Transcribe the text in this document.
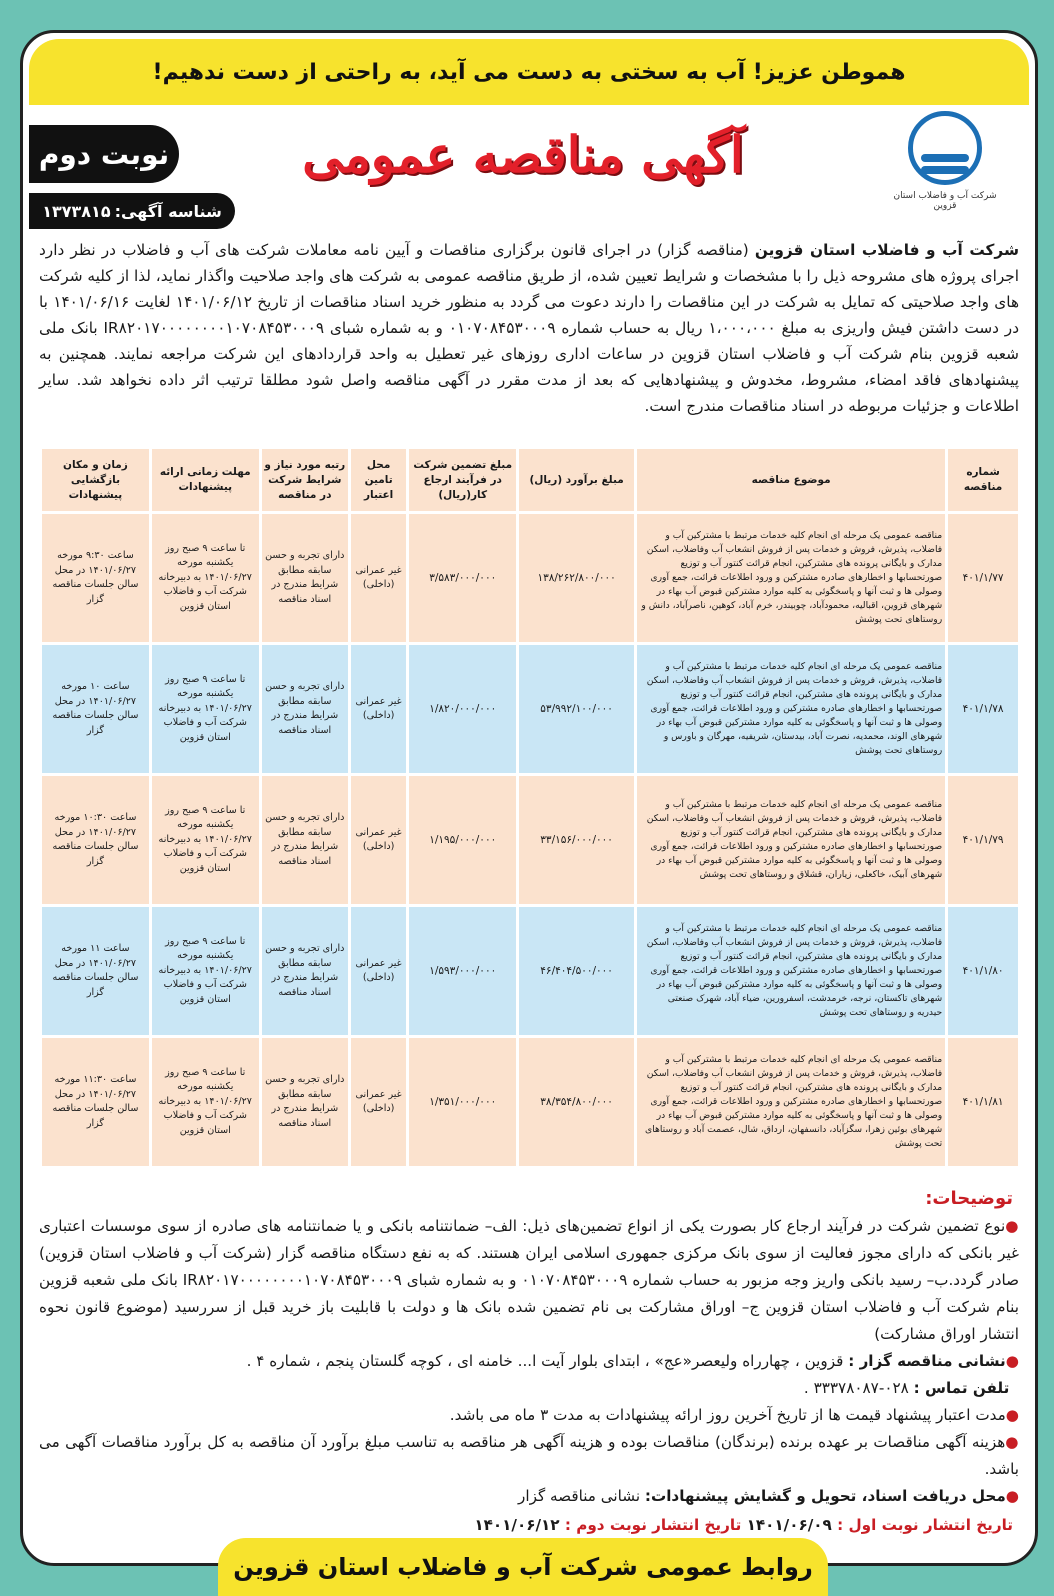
هموطن عزیز! آب به سختی به دست می آید، به راحتی از دست ندهیم!
شرکت آب و فاضلاب استان قزوین
آگهی مناقصه عمومی
نوبت دوم
شناسه آگهی:
۱۳۷۳۸۱۵
شرکت آب و فاضلاب استان قزوین (مناقصه گزار) در اجرای قانون برگزاری مناقصات و آیین نامه معاملات شرکت های آب و فاضلاب در نظر دارد اجرای پروژه های مشروحه ذیل را با مشخصات و شرایط تعیین شده، از طریق مناقصه عمومی به شرکت های واجد صلاحیت واگذار نماید، لذا از کلیه شرکت های واجد صلاحیتی که تمایل به شرکت در این مناقصات را دارند دعوت می گردد به منظور خرید اسناد مناقصات از تاریخ ۱۴۰۱/۰۶/۱۲ لغایت ۱۴۰۱/۰۶/۱۶ با در دست داشتن فیش واریزی به مبلغ ۱،۰۰۰،۰۰۰ ریال به حساب شماره ۰۱۰۷۰۸۴۵۳۰۰۰۹ و به شماره شبای IR۸۲۰۱۷۰۰۰۰۰۰۰۰۱۰۷۰۸۴۵۳۰۰۰۹ بانک ملی شعبه قزوین بنام شرکت آب و فاضلاب استان قزوین در ساعات اداری روزهای غیر تعطیل به واحد قراردادهای این شرکت مراجعه نمایند. همچنین به پیشنهادهای فاقد امضاء، مشروط، مخدوش و پیشنهادهایی که بعد از مدت مقرر در آگهی مناقصه واصل شود مطلقا ترتیب اثر داده نخواهد شد. سایر اطلاعات و جزئیات مربوطه در اسناد مناقصات مندرج است.
شماره مناقصه	موضوع مناقصه	مبلغ برآورد (ریال)	مبلغ تضمین شرکت در فرآیند ارجاع کار(ریال)	محل تامین اعتبار	رتبه مورد نیاز و شرایط شرکت در مناقصه	مهلت زمانی ارائه پیشنهادات	زمان و مکان بازگشایی پیشنهادات
۴۰۱/۱/۷۷	مناقصه عمومی یک مرحله ای انجام کلیه خدمات مرتبط با مشترکین آب و فاضلاب، پذیرش، فروش و خدمات پس از فروش انشعاب آب وفاضلاب، اسکن مدارک و بایگانی پرونده های مشترکین، انجام قرائت کنتور آب و توزیع صورتحسابها و اخطارهای صادره مشترکین و ورود اطلاعات قرائت، جمع آوری وصولی ها و ثبت آنها و پاسخگوئی به کلیه موارد مشترکین قبوض آب بهاء در شهرهای قزوین، اقبالیه، محمودآباد، چوبیندر، خرم آباد، کوهین، ناصرآباد، دانش و روستاهای تحت پوشش	۱۳۸/۲۶۲/۸۰۰/۰۰۰	۳/۵۸۳/۰۰۰/۰۰۰	غیر عمرانی (داخلی)	دارای تجربه و حسن سابقه مطابق شرایط مندرج در اسناد مناقصه	تا ساعت ۹ صبح روز یکشنبه مورخه ۱۴۰۱/۰۶/۲۷ به دبیرخانه شرکت آب و فاضلاب استان قزوین	ساعت ۹:۳۰ مورخه ۱۴۰۱/۰۶/۲۷ در محل سالن جلسات مناقصه گزار
۴۰۱/۱/۷۸	مناقصه عمومی یک مرحله ای انجام کلیه خدمات مرتبط با مشترکین آب و فاضلاب، پذیرش، فروش و خدمات پس از فروش انشعاب آب وفاضلاب، اسکن مدارک و بایگانی پرونده های مشترکین، انجام قرائت کنتور آب و توزیع صورتحسابها و اخطارهای صادره مشترکین و ورود اطلاعات قرائت، جمع آوری وصولی ها و ثبت آنها و پاسخگوئی به کلیه موارد مشترکین قبوض آب بهاء در شهرهای الوند، محمدیه، نصرت آباد، بیدستان، شریفیه، مهرگان و باورس و روستاهای تحت پوشش	۵۳/۹۹۲/۱۰۰/۰۰۰	۱/۸۲۰/۰۰۰/۰۰۰	غیر عمرانی (داخلی)	دارای تجربه و حسن سابقه مطابق شرایط مندرج در اسناد مناقصه	تا ساعت ۹ صبح روز یکشنبه مورخه ۱۴۰۱/۰۶/۲۷ به دبیرخانه شرکت آب و فاضلاب استان قزوین	ساعت ۱۰ مورخه ۱۴۰۱/۰۶/۲۷ در محل سالن جلسات مناقصه گزار
۴۰۱/۱/۷۹	مناقصه عمومی یک مرحله ای انجام کلیه خدمات مرتبط با مشترکین آب و فاضلاب، پذیرش، فروش و خدمات پس از فروش انشعاب آب وفاضلاب، اسکن مدارک و بایگانی پرونده های مشترکین، انجام قرائت کنتور آب و توزیع صورتحسابها و اخطارهای صادره مشترکین و ورود اطلاعات قرائت، جمع آوری وصولی ها و ثبت آنها و پاسخگوئی به کلیه موارد مشترکین قبوض آب بهاء در شهرهای آبیک، خاکعلی، زیاران، قشلاق و روستاهای تحت پوشش	۳۳/۱۵۶/۰۰۰/۰۰۰	۱/۱۹۵/۰۰۰/۰۰۰	غیر عمرانی (داخلی)	دارای تجربه و حسن سابقه مطابق شرایط مندرج در اسناد مناقصه	تا ساعت ۹ صبح روز یکشنبه مورخه ۱۴۰۱/۰۶/۲۷ به دبیرخانه شرکت آب و فاضلاب استان قزوین	ساعت ۱۰:۳۰ مورخه ۱۴۰۱/۰۶/۲۷ در محل سالن جلسات مناقصه گزار
۴۰۱/۱/۸۰	مناقصه عمومی یک مرحله ای انجام کلیه خدمات مرتبط با مشترکین آب و فاضلاب، پذیرش، فروش و خدمات پس از فروش انشعاب آب وفاضلاب، اسکن مدارک و بایگانی پرونده های مشترکین، انجام قرائت کنتور آب و توزیع صورتحسابها و اخطارهای صادره مشترکین و ورود اطلاعات قرائت، جمع آوری وصولی ها و ثبت آنها و پاسخگوئی به کلیه موارد مشترکین قبوض آب بهاء در شهرهای تاکستان، نرجه، خرمدشت، اسفرورین، ضیاء آباد، شهرک صنعتی حیدریه و روستاهای تحت پوشش	۴۶/۴۰۴/۵۰۰/۰۰۰	۱/۵۹۳/۰۰۰/۰۰۰	غیر عمرانی (داخلی)	دارای تجربه و حسن سابقه مطابق شرایط مندرج در اسناد مناقصه	تا ساعت ۹ صبح روز یکشنبه مورخه ۱۴۰۱/۰۶/۲۷ به دبیرخانه شرکت آب و فاضلاب استان قزوین	ساعت ۱۱ مورخه ۱۴۰۱/۰۶/۲۷ در محل سالن جلسات مناقصه گزار
۴۰۱/۱/۸۱	مناقصه عمومی یک مرحله ای انجام کلیه خدمات مرتبط با مشترکین آب و فاضلاب، پذیرش، فروش و خدمات پس از فروش انشعاب آب وفاضلاب، اسکن مدارک و بایگانی پرونده های مشترکین، انجام قرائت کنتور آب و توزیع صورتحسابها و اخطارهای صادره مشترکین و ورود اطلاعات قرائت، جمع آوری وصولی ها و ثبت آنها و پاسخگوئی به کلیه موارد مشترکین قبوض آب بهاء در شهرهای بوئین زهرا، سگزآباد، دانسفهان، ارداق، شال، عصمت آباد و روستاهای تحت پوشش	۳۸/۳۵۴/۸۰۰/۰۰۰	۱/۳۵۱/۰۰۰/۰۰۰	غیر عمرانی (داخلی)	دارای تجربه و حسن سابقه مطابق شرایط مندرج در اسناد مناقصه	تا ساعت ۹ صبح روز یکشنبه مورخه ۱۴۰۱/۰۶/۲۷ به دبیرخانه شرکت آب و فاضلاب استان قزوین	ساعت ۱۱:۳۰ مورخه ۱۴۰۱/۰۶/۲۷ در محل سالن جلسات مناقصه گزار
توضیحات:

●نوع تضمین شرکت در فرآیند ارجاع کار بصورت یکی از انواع تضمین‌های ذیل: الف– ضمانتنامه بانکی و یا ضمانتنامه های صادره از سوی موسسات اعتباری غیر بانکی که دارای مجوز فعالیت از سوی بانک مرکزی جمهوری اسلامی ایران هستند. که به نفع دستگاه مناقصه گزار (شرکت آب و فاضلاب استان قزوین) صادر گردد.ب– رسید بانکی واریز وجه مزبور به حساب شماره ۰۱۰۷۰۸۴۵۳۰۰۰۹ و به شماره شبای IR۸۲۰۱۷۰۰۰۰۰۰۰۰۱۰۷۰۸۴۵۳۰۰۰۹ بانک ملی شعبه قزوین بنام شرکت آب و فاضلاب استان قزوین ج– اوراق مشارکت بی نام تضمین شده بانک ها و دولت با قابلیت باز خرید قبل از سررسید (موضوع قانون نحوه انتشار اوراق مشارکت)

●نشانی مناقصه گزار : قزوین ، چهارراه ولیعصر«عج» ، ابتدای بلوار آیت ا... خامنه ای ، کوچه گلستان پنجم ، شماره ۴ .

تلفن تماس : ۰۲۸-۳۳۳۷۸۰۸۷ .

●مدت اعتبار پیشنهاد قیمت ها از تاریخ آخرین روز ارائه پیشنهادات به مدت ۳ ماه می باشد.

●هزینه آگهی مناقصات بر عهده برنده (برندگان) مناقصات بوده و هزینه آگهی هر مناقصه به تناسب مبلغ برآورد آن مناقصه به کل برآورد مناقصات آگهی می باشد.

●محل دریافت اسناد، تحویل و گشایش پیشنهادات: نشانی مناقصه گزار

تاریخ انتشار نوبت اول : ۱۴۰۱/۰۶/۰۹ تاریخ انتشار نوبت دوم : ۱۴۰۱/۰۶/۱۲
روابط عمومی شرکت آب و فاضلاب استان قزوین
